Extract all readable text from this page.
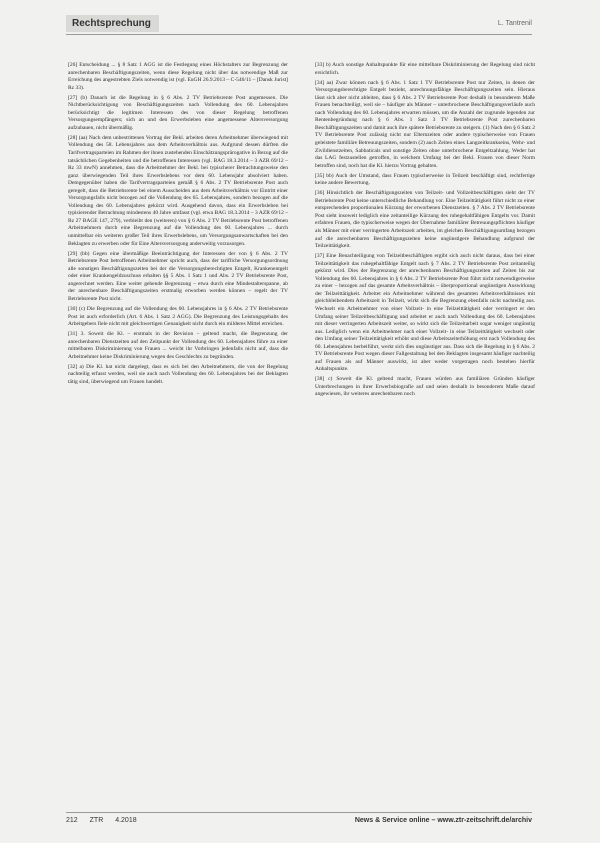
Rechtsprechung	L. Tantrenil

[26] Entscheidung ... § 8 Satz 1 AGG ist die Festlegung eines Höchstalters zur Begrenzung der anrechenbaren Beschäftigungszeiten, wenn diese Regelung nicht über das notwendige Maß zur Erreichung des angestrebten Ziels notwendig ist (vgl. EuGH 26.9.2013 – C-546/11 – [Dansk Jurist] Rz 33).

[27] (b) Danach ist die Regelung in § 6 Abs. 2 TV Betriebsrente Post angemessen. Die Nichtberücksichtigung von Beschäftigungszeiten nach Vollendung des 60. Lebensjahres berücksichtigt die legitimen Interessen des von dieser Regelung betroffenen Versorgungsempfängers; sich an und den Erwerbsleben eine angemessene Altersversorgung aufzubauen, nicht übermäßig.

[28] (aa) Nach dem unbestrittenen Vortrag der Bekl. arbeiten deren Arbeitnehmer überwiegend mit Vollendung des 58. Lebensjahres aus dem Arbeitsverhältnis aus. Aufgrund dessen dürften die Tarifvertragsparteien im Rahmen der ihnen zustehenden Einschätzungsprärogative in Bezug auf die tatsächlichen Gegebenheiten und die betroffenen Interessen (vgl. BAG 18.3.2014 – 3 AZR 69/12 – Rz 33 mwN) annehmen, dass die Arbeitnehmer der Bekl. bei typischerer Betrachtungsweise den ganz überwiegenden Teil ihres Erwerbslebens vor dem 60. Lebensjahr absolviert haben. Demgegenüber haben die Tarifvertragsparteien gemäß § 6 Abs. 2 TV Betriebsrente Post auch geregelt, dass die Betriebsrente bei einem Ausscheiden aus dem Arbeitsverhältnis vor Eintritt einer Versorgungsfalls nicht bezogen auf die Vollendung des 65. Lebensjahres, sondern bezogen auf die Vollendung des 60. Lebensjahres gekürzt wird. Ausgehend davon, dass ein Erwerbsleben bei typisierender Betrachtung mindestens 40 Jahre umfasst (vgl. etwa BAG 18.3.2014 – 3 AZR 69/12 – Rz 27 BAGE 147, 279), verbleibt den (weiteren) von § 6 Abs. 2 TV Betriebsrente Post betroffenen Arbeitnehmern durch eine Begrenzung auf die Vollendung des 60. Lebensjahres ... durch unmittelbar ein weiteren großer Teil ihres Erwerbslebens, um Versorgungsanwartschaften bei den Beklagten zu erwerben oder für Eine Altersversorgung anderweitig vorzusorgen.

[29] (bb) Gegen eine übermäßige Beeinträchtigung der Interessen der von § 6 Abs. 2 TV Betriebsrente Post betroffenen Arbeitnehmer spricht auch, dass der tarifliche Versorgungsordnung alle sonstigen Beschäftigungszeiten bei der die Versorgungsberechtigten Entgelt, Krankenentgelt oder einer Krankengeldzuschuss erhalten §§ 5 Abs. 1 Satz 1 und Abs. 2 TV Betriebsrente Post, angerechnet werden. Eine weiter gehende Begrenzung – etwa durch eine Mindestalterspanne, ab der anrechenbare Beschäftigungszeiten erstmalig erworben werden können – regelt der TV Betriebsrente Post nicht.

[30] (c) Die Begrenzung auf die Vollendung des 60. Lebensjahres in § 6 Abs. 2 TV Betriebsrente Post ist auch erforderlich (Art. 6 Abs. 1 Satz 2 AGG). Die Begrenzung des Leistungsgehalts des Arbeitgebers fiele nicht mit gleichwertigen Genauigkeit nicht durch ein milderes Mittel erreichen.

[31] 3. Soweit die Kl. – erstmals in der Revision – geltend macht, die Begrenzung der anrechenbaren Dienstzeiten auf den Zeitpunkt der Vollendung des 60. Lebensjahres führe zu einer mittelbaren Diskriminierung von Frauen ... weicht ihr Vorbringen jedenfalls nicht auf, dass die Arbeitnehmer keine Diskriminierung wegen des Geschlechts zu begründen.

[32] a) Die Kl. hat nicht dargelegt, dass es sich bei den Arbeitnehmern, die von der Regelung nachteilig erfasst werden, weil sie auch nach Vollendung des 60. Lebensjahres bei der Beklagten tätig sind, überwiegend um Frauen handelt.

[33] b) Auch sonstige Anhaltspunkte für eine mittelbare Diskriminierung der Regelung sind nicht ersichtlich.

[34] aa) Zwar können nach § 6 Abs. 1 Satz 1 TV Betriebsrente Post nur Zeiten, in denen der Versorgungsberechtigte Entgelt bezieht, anrechnungsfähige Beschäftigungszeiten sein. Hieraus lässt sich aber nicht ableiten, dass § 6 Abs. 2 TV Betriebsrente Post deshalb in besonderem Maße Frauen benachteiligt, weil sie – häufiger als Männer – unterbrochene Beschäftigungsverläufe auch nach Vollendung des 60. Lebensjahres erwarten müssen, um die Anzahl der zugrunde legenden zur Rentenbegründung nach § 6 Abs. 1 Satz 3 TV Betriebsrente Post zurechenbaren Beschäftigungszeiten und damit auch ihre spätere Betriebsrente zu steigern. (1) Nach den § 6 Satz 2 TV Betriebsrente Post zulässig nicht nur Elternzeiten oder andere typischerweise von Frauen geleistete familiäre Betreuungszeiten, sondern (2) auch Zeiten eines Langzeitkrankseins, Wehr- und Zivildienstzeiten, Sabbaticals und sonstige Zeiten ohne unterbrochene Entgeltzahlung. Weder hat das LAG festzustellen getroffen, in welchem Umfang bei der Bekl. Frauen von dieser Norm betroffen sind, noch hat die Kl. hierzu Vortrag gehalten.

[35] bb) Auch der Umstand, dass Frauen typischerweise in Teilzeit beschäftigt sind, rechtfertige keine andere Bewertung.

[36] Hinsichtlich der Beschäftigungszeiten von Teilzeit- und Vollzeitbeschäftigten sieht der TV Betriebsrente Post keine unterschiedliche Behandlung vor. Eine Teilzeittätigkeit führt nicht zu einer entsprechenden proportionalen Kürzung der erworbenen Dienstzeiten. § 7 Abs. 2 TV Betriebsrente Post sieht insoweit lediglich eine zeitanteilige Kürzung des ruhegehaltfähigen Entgelts vor. Damit erfahren Frauen, die typischerweise wegen der Übernahme familiärer Betreuungspflichten häufiger als Männer mit einer verringerten Arbeitszeit arbeiten, im gleichen Beschäftigungsumfang bezogen auf die anrechenbaren Beschäftigungszeiten keine ungünstigere Behandlung aufgrund der Teilzeittätigkeit.

[37] Eine Benachteiligung von Teilzeitbeschäftigten ergibt sich auch nicht daraus, dass bei einer Teilzeittätigkeit das ruhegehaltfähige Entgelt nach § 7 Abs. 2 TV Betriebsrente Post zeitanteilig gekürzt wird. Dies der Begrenzung der anrechenbaren Beschäftigungszeiten auf Zeiten bis zur Vollendung des 60. Lebensjahres in § 6 Abs. 2 TV Betriebsrente Post führt nicht notwendigerweise zu einer – bezogen auf das gesamte Arbeitsverhältnis – überproportional ungünstigen Auswirkung der Teilzeittätigkeit. Arbeitet ein Arbeitnehmer während des gesamten Arbeitsverhältnisses mit gleichbleibendem Arbeitszeit in Teilzeit, wirkt sich die Begrenzung ebenfalls nicht nachteilig aus. Wechselt ein Arbeitnehmer von einer Vollzeit- in eine Teilzeittätigkeit oder verringert er den Umfang seiner Teilzeitbeschäftigung und arbeitet er auch nach Vollendung des 60. Lebensjahres mit dieser verringerten Arbeitszeit weiter, so wirkt sich die Teilzeitarbeit sogar weniger ungünstig aus. Lediglich wenn ein Arbeitnehmer nach einer Vollzeit- in eine Teilzeittätigkeit wechselt oder den Umfang seiner Teilzeittätigkeit erhöht und diese Arbeitszeiterhöhung erst nach Vollendung des 60. Lebensjahres herbeiführt, werkt sich dies ungünstiger aus. Dass sich die Regelung in § 6 Abs. 2 TV Betriebsrente Post wegen dieser Fallgestaltung bei den Beklagten insgesamt häufiger nachteilig auf Frauen als auf Männer auswirkt, ist aber weder vorgetragen noch bestehen hierfür Anhaltspunkte.

[38] c) Soweit die Kl. geltend macht, Frauen würden aus familiären Gründen häufiger Unterbrechungen in ihrer Erwerbsbiografie auf und seien deshalb in besonderem Maße darauf angewiesen, ihr weiteres anrechenbaren noch

212 ZTR 4.2018	News & Service online – www.ztr-zeitschrift.de/archiv
